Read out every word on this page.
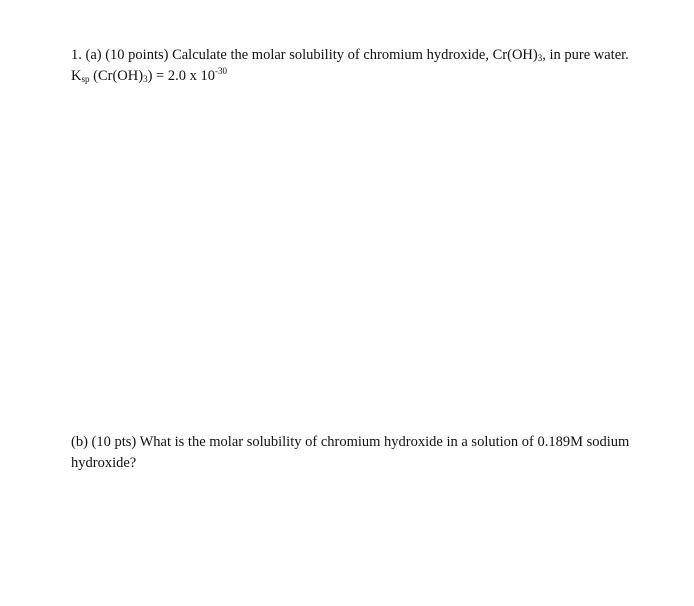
1. (a) (10 points) Calculate the molar solubility of chromium hydroxide, $Cr(OH)_3$, in pure water.
$K_{sp}$ $(Cr(OH)_3) = 2.0$ x $10^{-30}$
(b) (10 pts) What is the molar solubility of chromium hydroxide in a solution of 0.189M sodium hydroxide?
